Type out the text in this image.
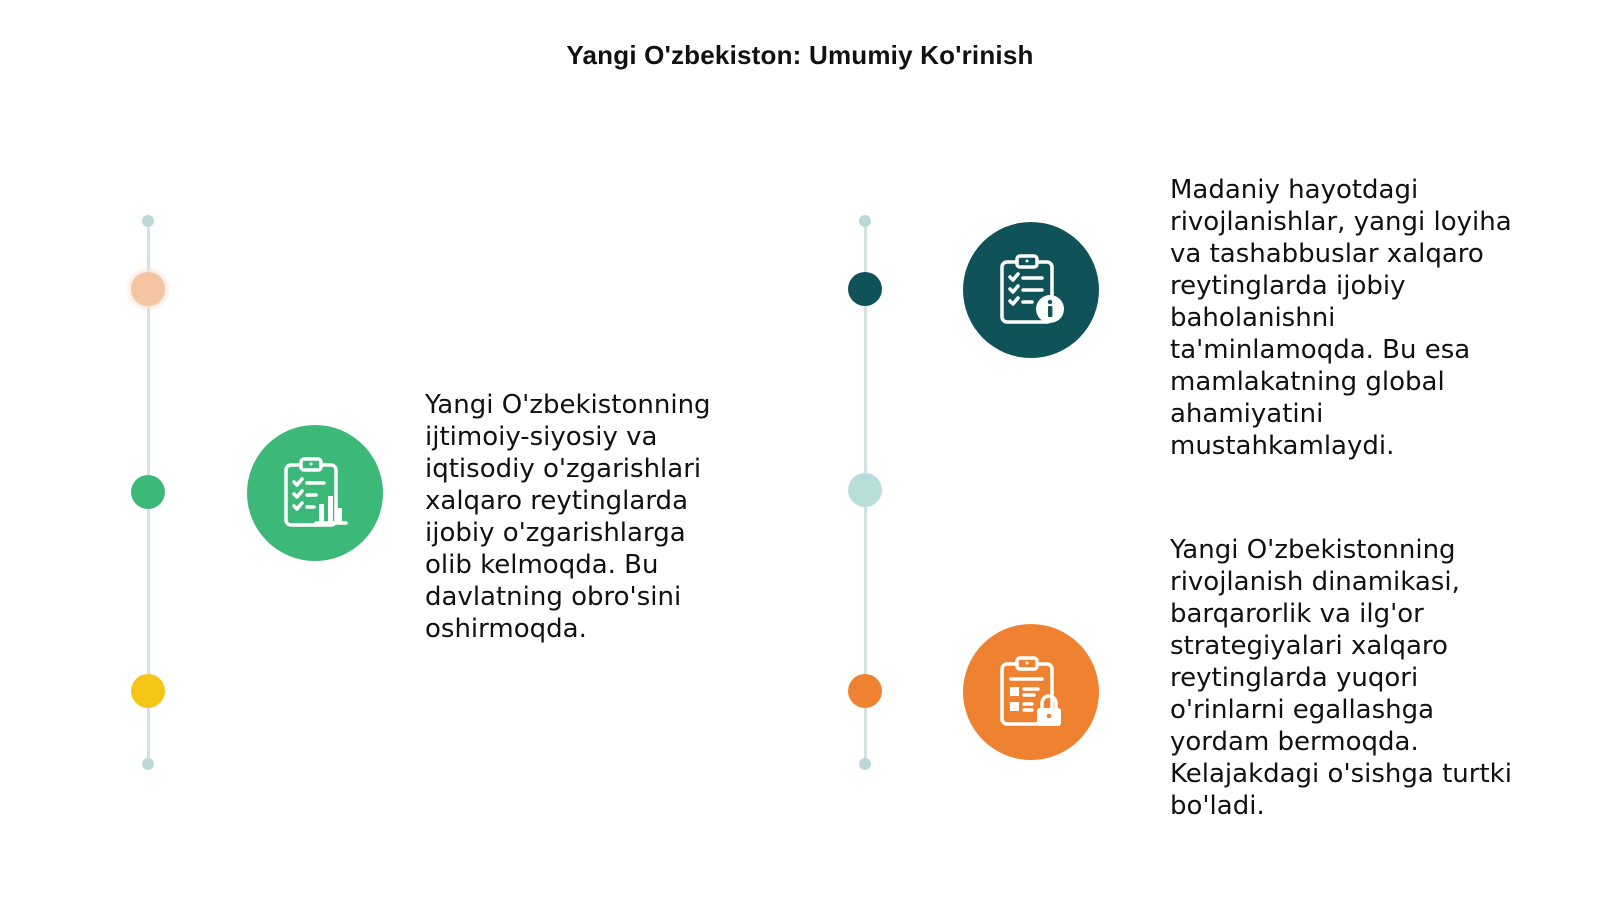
Yangi O'zbekiston: Umumiy Ko'rinish
Yangi O'zbekistonning
ijtimoiy-siyosiy va
iqtisodiy o'zgarishlari
xalqaro reytinglarda
ijobiy o'zgarishlarga
olib kelmoqda. Bu
davlatning obro'sini
oshirmoqda.
Madaniy hayotdagi
rivojlanishlar, yangi loyiha
va tashabbuslar xalqaro
reytinglarda ijobiy
baholanishni
ta'minlamoqda. Bu esa
mamlakatning global
ahamiyatini
mustahkamlaydi.
Yangi O'zbekistonning
rivojlanish dinamikasi,
barqarorlik va ilg'or
strategiyalari xalqaro
reytinglarda yuqori
o'rinlarni egallashga
yordam bermoqda.
Kelajakdagi o'sishga turtki
bo'ladi.
